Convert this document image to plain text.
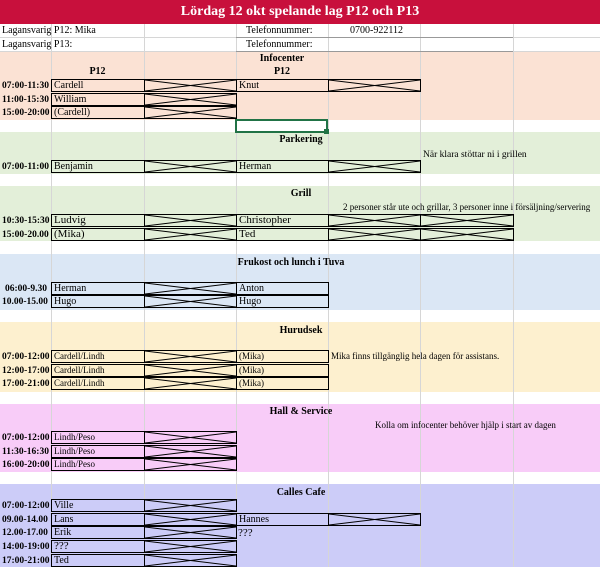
Lördag 12 okt spelande lag P12 och P13
Lagansvarig P12: Mika	Telefonnummer:	0700-922112
Lagansvarig P13:	Telefonnummer:
Infocenter
P12	P12
07:00-11:30 Cardell	Knut
11:00-15:30 William
15:00-20:00 (Cardell)
Parkering
När klara stöttar ni i grillen
07:00-11:00 Benjamin	Herman
Grill
2 personer står ute och grillar, 3 personer inne i försäljning/servering
10:30-15:30 Ludvig	Christopher
15:00-20.00 (Mika)	Ted
Frukost och lunch i Tuva
06:00-9.30 Herman	Anton
10.00-15.00 Hugo	Hugo
Hurudsek
Mika finns tillgänglig hela dagen för assistans.
07:00-12:00 Cardell/Lindh	(Mika)
12:00-17:00 Cardell/Lindh	(Mika)
17:00-21:00 Cardell/Lindh	(Mika)
Hall & Service
Kolla om infocenter behöver hjälp i start av dagen
07:00-12:00 Lindh/Peso
11:30-16:30 Lindh/Peso
16:00-20:00 Lindh/Peso
Calles Cafe
07:00-12:00 Ville
09.00-14.00 Lans	Hannes
12.00-17.00 Erik	???
14:00-19:00 ???
17:00-21:00 Ted
